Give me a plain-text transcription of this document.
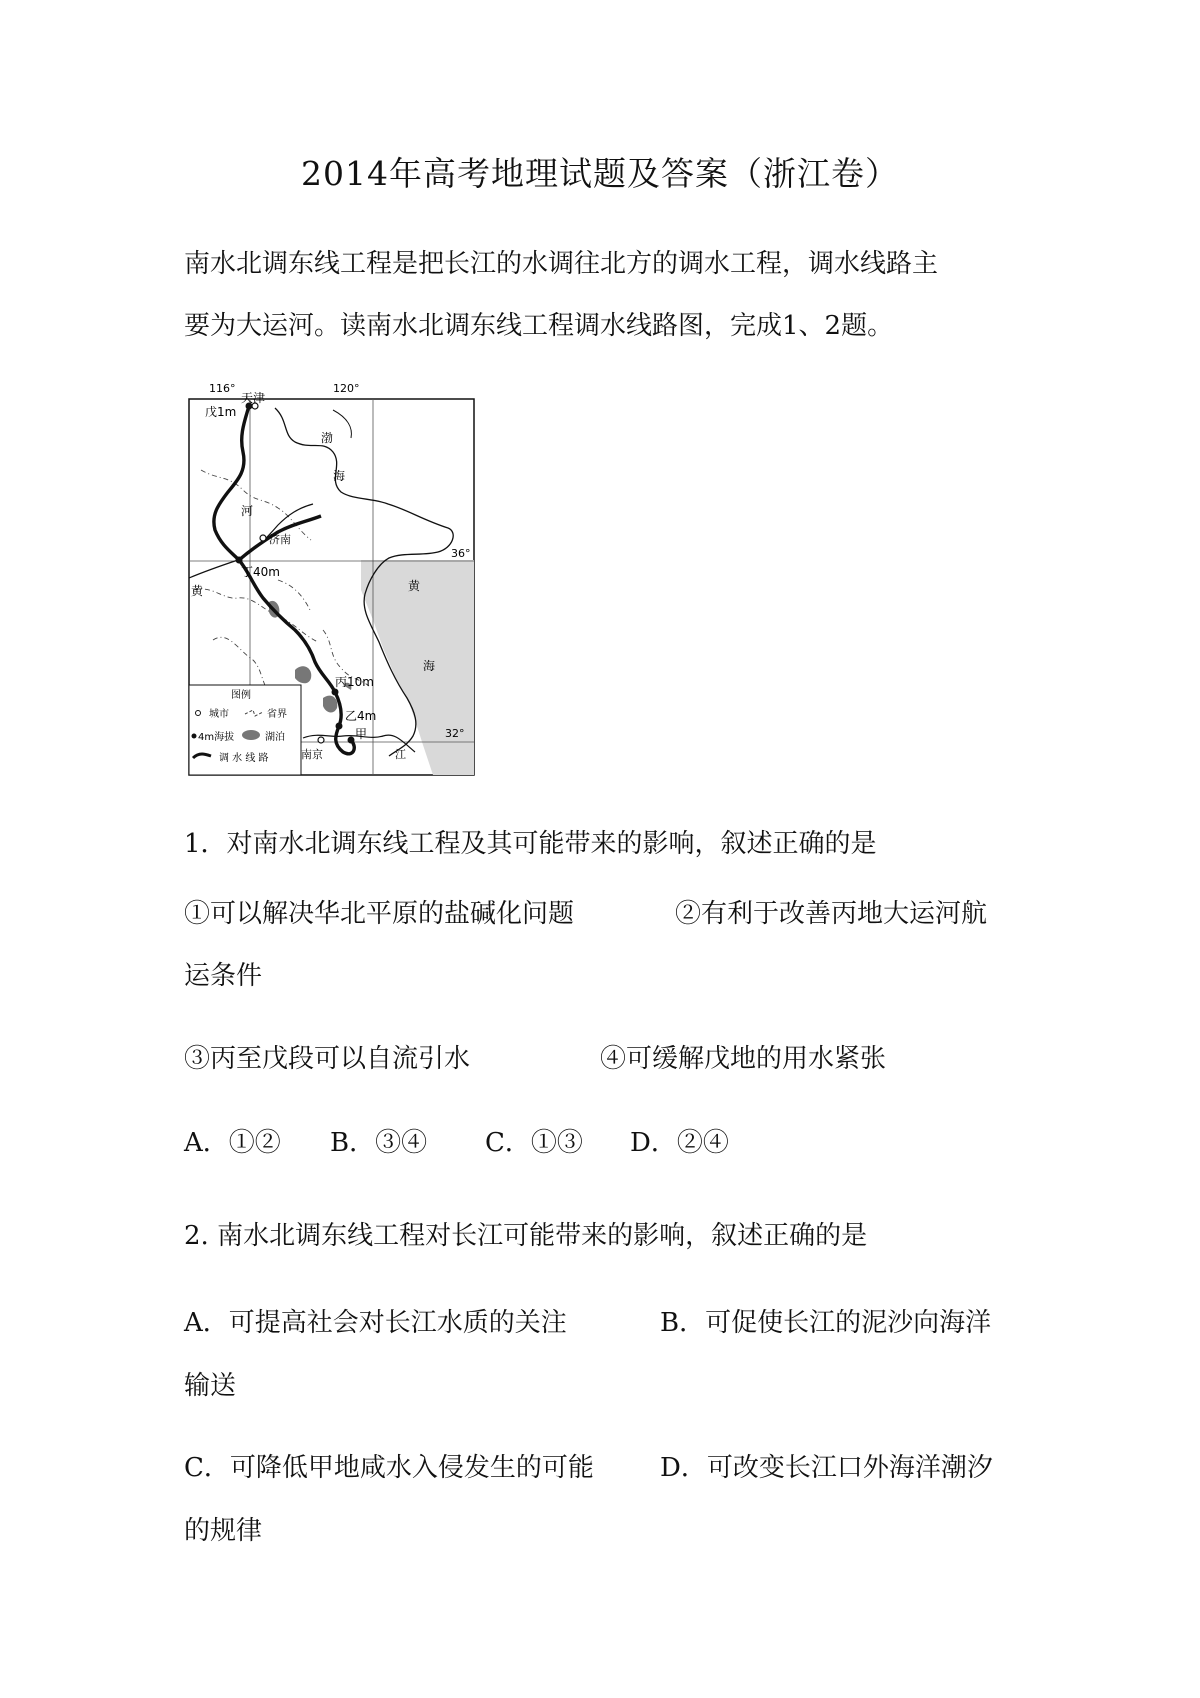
2014年高考地理试题及答案（浙江卷）
南水北调东线工程是把长江的水调往北方的调水工程，调水线路主
要为大运河。读南水北调东线工程调水线路图，完成1、2题。
116°	120°
36°
32°
天津
济南
南京
戊1m
丁40m
丙10m
乙4m
甲
渤
海
黄
海
河
黄
江
图例
城市	省界
4m海拔	湖泊
调 水 线 路
1．对南水北调东线工程及其可能带来的影响，叙述正确的是
①可以解决华北平原的盐碱化问题	②有利于改善丙地大运河航
运条件
③丙至戊段可以自流引水	④可缓解戊地的用水紧张
A．①② B．③④ C．①③ D．②④
2. 南水北调东线工程对长江可能带来的影响，叙述正确的是
A．可提高社会对长江水质的关注	B．可促使长江的泥沙向海洋
输送
C．可降低甲地咸水入侵发生的可能	D．可改变长江口外海洋潮汐
的规律
